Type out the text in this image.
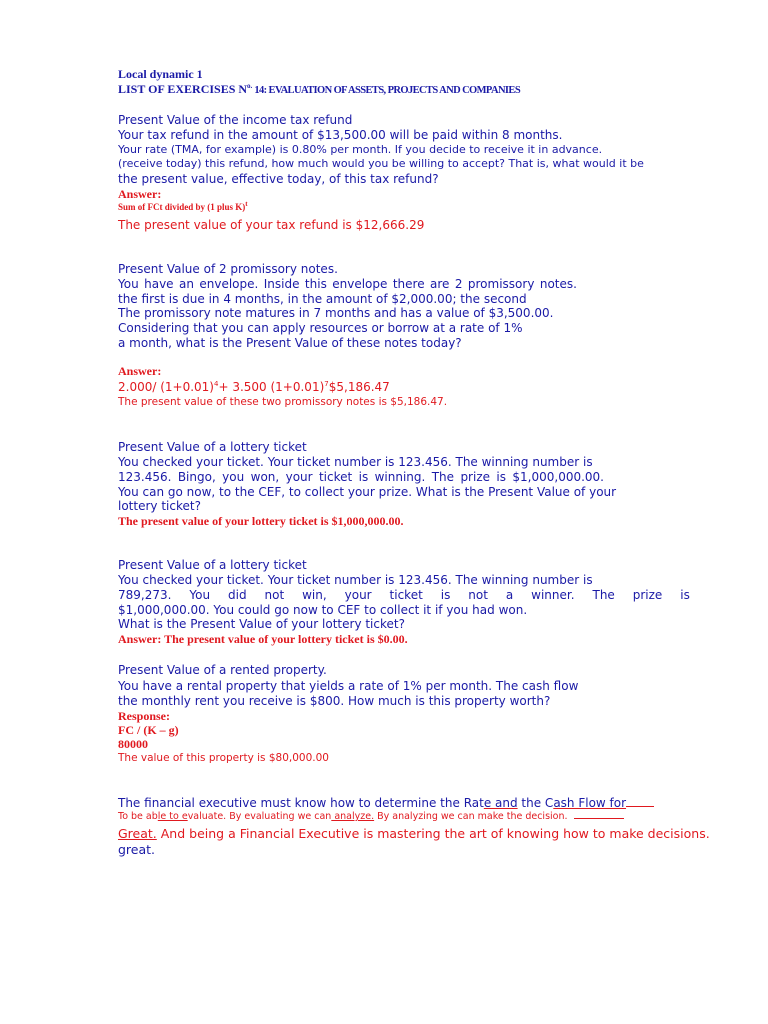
Local dynamic 1
LIST OF EXERCISES $N^{o.}$ 14: EVALUATION OF ASSETS, PROJECTS AND COMPANIES
Present Value of the income tax refund
Your tax refund in the amount of $13,500.00 will be paid within 8 months.
Your rate (TMA, for example) is 0.80% per month. If you decide to receive it in advance.
(receive today) this refund, how much would you be willing to accept? That is, what would it be
the present value, effective today, of this tax refund?
Answer:
Sum of FCt divided by (1 plus K)$^t$
The present value of your tax refund is $12,666.29
Present Value of 2 promissory notes.
You have an envelope. Inside this envelope there are 2 promissory notes.
the first is due in 4 months, in the amount of $2,000.00; the second
The promissory note matures in 7 months and has a value of $3,500.00.
Considering that you can apply resources or borrow at a rate of 1%
a month, what is the Present Value of these notes today?
Answer:
2.000/ $(1+0.01)^4+ 3.500$ $(1+0.01)^7\$5,186.47$
The present value of these two promissory notes is $5,186.47.
Present Value of a lottery ticket
You checked your ticket. Your ticket number is 123.456. The winning number is
123.456. Bingo, you won, your ticket is winning. The prize is $1,000,000.00.
You can go now, to the CEF, to collect your prize. What is the Present Value of your
lottery ticket?
The present value of your lottery ticket is $1,000,000.00.
Present Value of a lottery ticket
You checked your ticket. Your ticket number is 123.456. The winning number is
789,273. You did not win, your ticket is not a winner. The prize is
$1,000,000.00. You could go now to CEF to collect it if you had won.
What is the Present Value of your lottery ticket?
Answer: The present value of your lottery ticket is $0.00.
Present Value of a rented property.
You have a rental property that yields a rate of 1% per month. The cash flow
the monthly rent you receive is $800. How much is this property worth?
Response:
FC / (K – g)
80000
The value of this property is $80,000.00
The financial executive must know how to determine the Rate and the Cash Flow for
To be able to evaluate. By evaluating we can analyze. By analyzing we can make the decision.
Great. And being a Financial Executive is mastering the art of knowing how to make decisions.
great.
